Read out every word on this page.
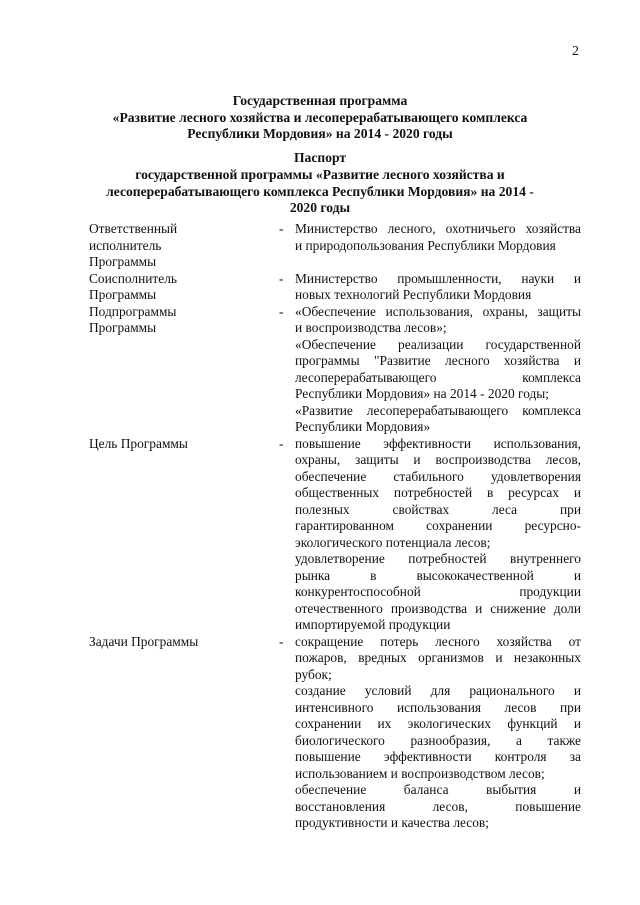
2
Государственная программа
«Развитие лесного хозяйства и лесоперерабатывающего комплекса
Республики Мордовия» на 2014 - 2020 годы
Паспорт
государственной программы «Развитие лесного хозяйства и
лесоперерабатывающего комплекса Республики Мордовия» на 2014 -
2020 годы
Ответственный
исполнитель
Программы
- Министерство лесного, охотничьего хозяйства
и природопользования Республики Мордовия
Соисполнитель
Программы
- Министерство промышленности, науки и
новых технологий Республики Мордовия
Подпрограммы
Программы
- «Обеспечение использования, охраны, защиты
и воспроизводства лесов»;
«Обеспечение реализации государственной
программы "Развитие лесного хозяйства и
лесоперерабатывающего комплекса
Республики Мордовия» на 2014 - 2020 годы;
«Развитие лесоперерабатывающего комплекса
Республики Мордовия»
Цель Программы	- повышение эффективности использования,
охраны, защиты и воспроизводства лесов,
обеспечение стабильного удовлетворения
общественных потребностей в ресурсах и
полезных свойствах леса при
гарантированном сохранении ресурсно-
экологического потенциала лесов;
удовлетворение потребностей внутреннего
рынка в высококачественной и
конкурентоспособной продукции
отечественного производства и снижение доли
импортируемой продукции
Задачи Программы	- сокращение потерь лесного хозяйства от
пожаров, вредных организмов и незаконных
рубок;
создание условий для рационального и
интенсивного использования лесов при
сохранении их экологических функций и
биологического разнообразия, а также
повышение эффективности контроля за
использованием и воспроизводством лесов;
обеспечение баланса выбытия и
восстановления лесов, повышение
продуктивности и качества лесов;
